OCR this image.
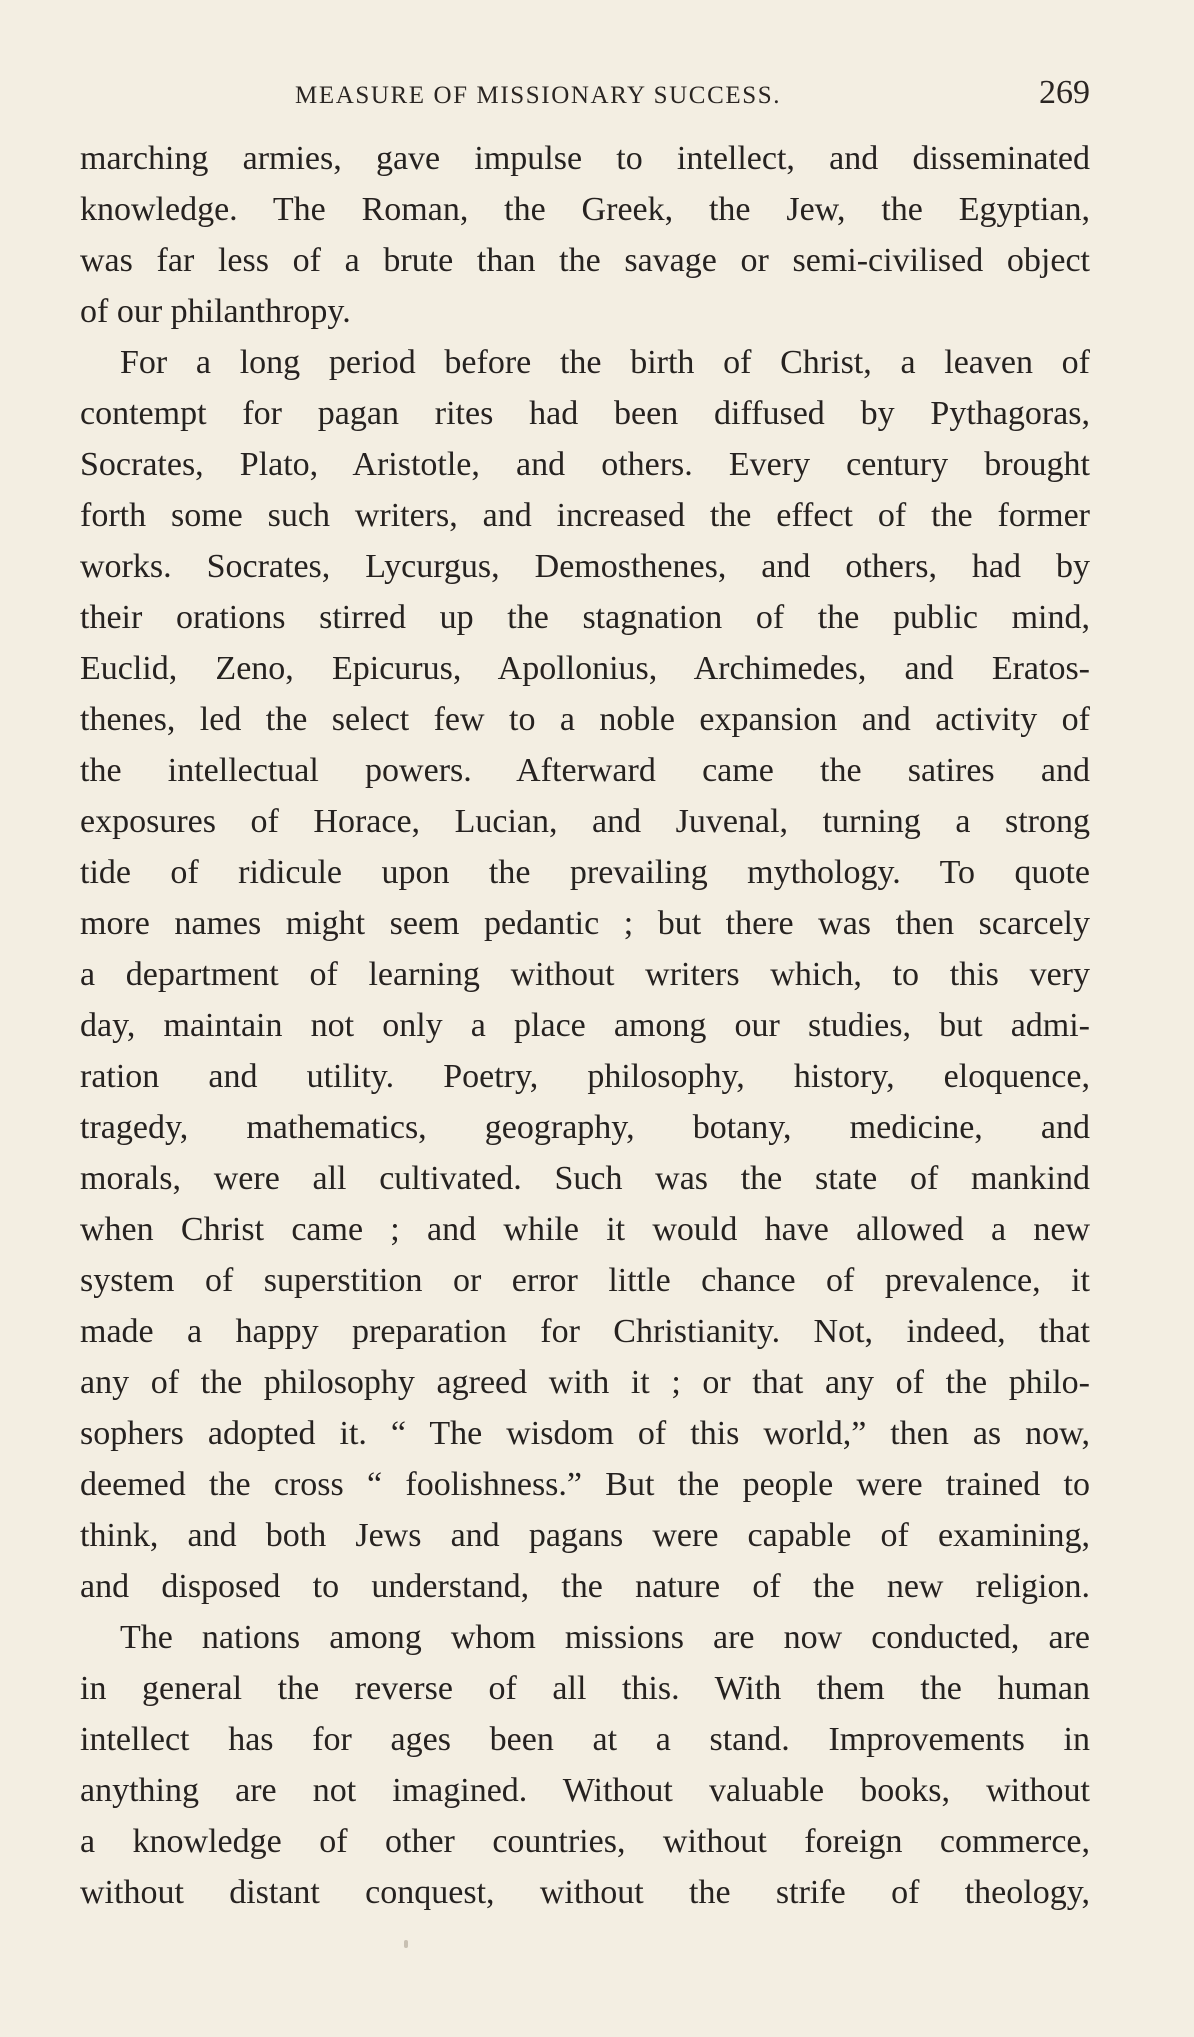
MEASURE OF MISSIONARY SUCCESS.	269
marching armies, gave impulse to intellect, and disseminated
knowledge. The Roman, the Greek, the Jew, the Egyptian,
was far less of a brute than the savage or semi-civilised object
of our philanthropy.
For a long period before the birth of Christ, a leaven of
contempt for pagan rites had been diffused by Pythagoras,
Socrates, Plato, Aristotle, and others. Every century brought
forth some such writers, and increased the effect of the former
works. Socrates, Lycurgus, Demosthenes, and others, had by
their orations stirred up the stagnation of the public mind,
Euclid, Zeno, Epicurus, Apollonius, Archimedes, and Eratos-
thenes, led the select few to a noble expansion and activity of
the intellectual powers. Afterward came the satires and
exposures of Horace, Lucian, and Juvenal, turning a strong
tide of ridicule upon the prevailing mythology. To quote
more names might seem pedantic ; but there was then scarcely
a department of learning without writers which, to this very
day, maintain not only a place among our studies, but admi-
ration and utility. Poetry, philosophy, history, eloquence,
tragedy, mathematics, geography, botany, medicine, and
morals, were all cultivated. Such was the state of mankind
when Christ came ; and while it would have allowed a new
system of superstition or error little chance of prevalence, it
made a happy preparation for Christianity. Not, indeed, that
any of the philosophy agreed with it ; or that any of the philo-
sophers adopted it. “ The wisdom of this world,” then as now,
deemed the cross “ foolishness.” But the people were trained to
think, and both Jews and pagans were capable of examining,
and disposed to understand, the nature of the new religion.
The nations among whom missions are now conducted, are
in general the reverse of all this. With them the human
intellect has for ages been at a stand. Improvements in
anything are not imagined. Without valuable books, without
a knowledge of other countries, without foreign commerce,
without distant conquest, without the strife of theology,
